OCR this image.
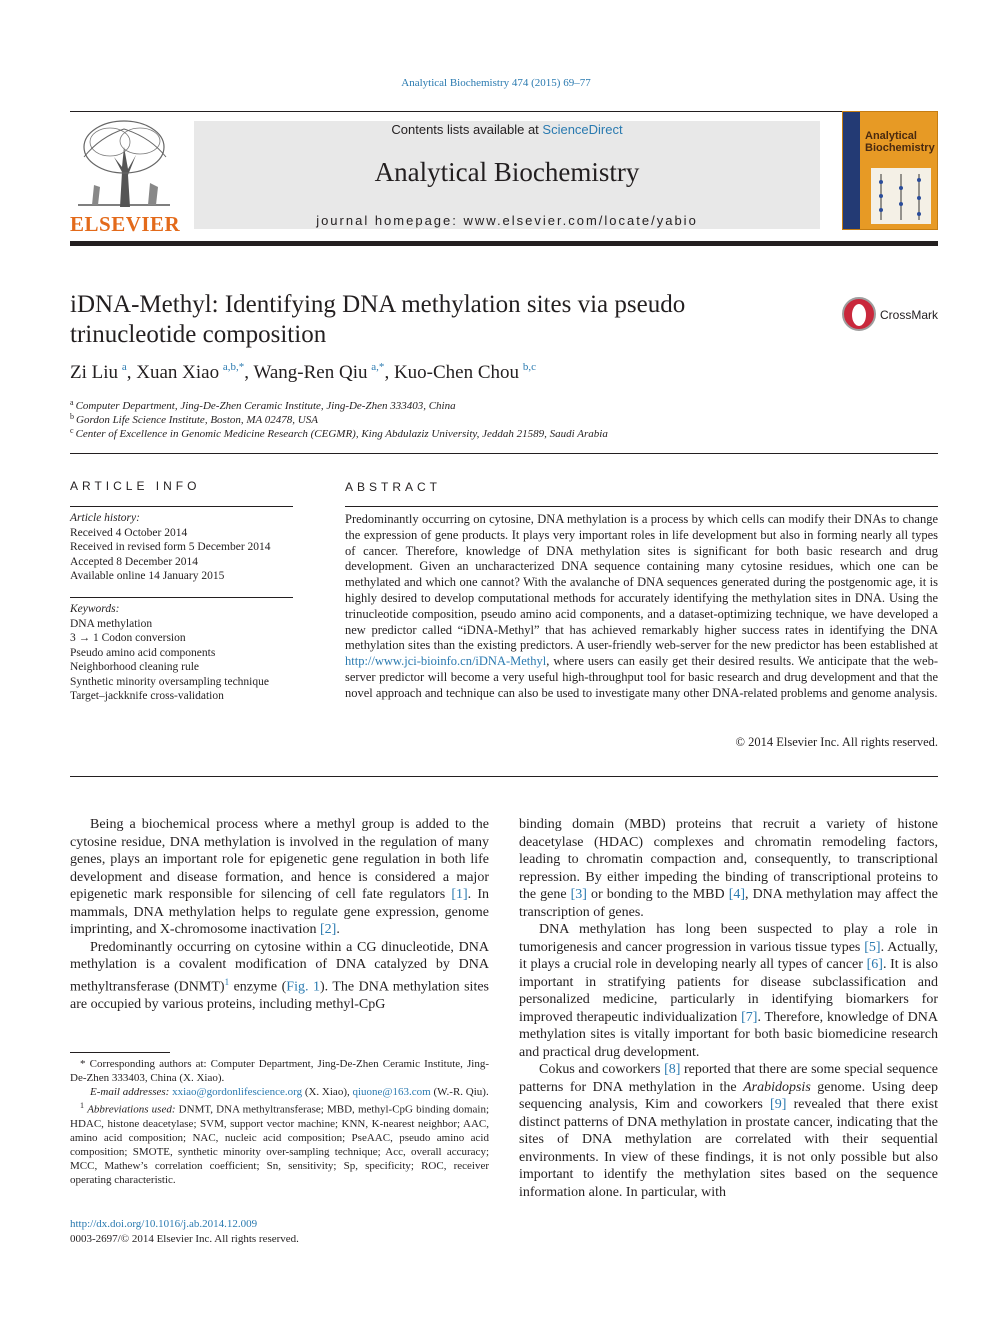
Analytical Biochemistry 474 (2015) 69–77
ELSEVIER
Contents lists available at ScienceDirect
Analytical Biochemistry
journal homepage: www.elsevier.com/locate/yabio
Analytical
Biochemistry
iDNA-Methyl: Identifying DNA methylation sites via pseudo
trinucleotide composition
CrossMark
Zi Liu  $^a$, Xuan Xiao  $^{a,b,*}$, Wang-Ren Qiu  $^{a,*}$, Kuo-Chen Chou  $^{b,c}$
$^a$ Computer Department, Jing-De-Zhen Ceramic Institute, Jing-De-Zhen 333403, China
$^b$ Gordon Life Science Institute, Boston, MA 02478, USA
$^c$ Center of Excellence in Genomic Medicine Research (CEGMR), King Abdulaziz University, Jeddah 21589, Saudi Arabia
ARTICLE INFO
Article history:
Received 4 October 2014
Received in revised form 5 December 2014
Accepted 8 December 2014
Available online 14 January 2015
Keywords:
DNA methylation
3 → 1 Codon conversion
Pseudo amino acid components
Neighborhood cleaning rule
Synthetic minority oversampling technique
Target–jackknife cross-validation
ABSTRACT
Predominantly occurring on cytosine, DNA methylation is a process by which cells can modify their DNAs to change the expression of gene products. It plays very important roles in life development but also in forming nearly all types of cancer. Therefore, knowledge of DNA methylation sites is significant for both basic research and drug development. Given an uncharacterized DNA sequence containing many cytosine residues, which one can be methylated and which one cannot? With the avalanche of DNA sequences generated during the postgenomic age, it is highly desired to develop computational methods for accurately identifying the methylation sites in DNA. Using the trinucleotide composition, pseudo amino acid components, and a dataset-optimizing technique, we have developed a new predictor called “iDNA-Methyl” that has achieved remarkably higher success rates in identifying the DNA methylation sites than the existing predictors. A user-friendly web-server for the new predictor has been established at http://www.jci-bioinfo.cn/iDNA-Methyl, where users can easily get their desired results. We anticipate that the web-server predictor will become a very useful high-throughput tool for basic research and drug development and that the novel approach and technique can also be used to investigate many other DNA-related problems and genome analysis.
© 2014 Elsevier Inc. All rights reserved.

Being a biochemical process where a methyl group is added to the cytosine residue, DNA methylation is involved in the regulation of many genes, plays an important role for epigenetic gene regulation in both life development and disease formation, and hence is considered a major epigenetic mark responsible for silencing of cell fate regulators [1]. In mammals, DNA methylation helps to regulate gene expression, genome imprinting, and X-chromosome inactivation [2].

Predominantly occurring on cytosine within a CG dinucleotide, DNA methylation is a covalent modification of DNA catalyzed by DNA methyltransferase (DNMT)$^1$ enzyme (Fig. 1). The DNA methylation sites are occupied by various proteins, including methyl-CpG

binding domain (MBD) proteins that recruit a variety of histone deacetylase (HDAC) complexes and chromatin remodeling factors, leading to chromatin compaction and, consequently, to transcriptional repression. By either impeding the binding of transcriptional proteins to the gene [3] or bonding to the MBD [4], DNA methylation may affect the transcription of genes.

DNA methylation has long been suspected to play a role in tumorigenesis and cancer progression in various tissue types [5]. Actually, it plays a crucial role in developing nearly all types of cancer [6]. It is also important in stratifying patients for disease subclassification and personalized medicine, particularly in identifying biomarkers for improved therapeutic individualization [7]. Therefore, knowledge of DNA methylation sites is vitally important for both basic biomedicine research and practical drug development.

Cokus and coworkers [8] reported that there are some special sequence patterns for DNA methylation in the Arabidopsis genome. Using deep sequencing analysis, Kim and coworkers [9] revealed that there exist distinct patterns of DNA methylation in prostate cancer, indicating that the sites of DNA methylation are correlated with their sequential environments. In view of these findings, it is not only possible but also important to identify the methylation sites based on the sequence information alone. In particular, with

* Corresponding authors at: Computer Department, Jing-De-Zhen Ceramic Institute, Jing-De-Zhen 333403, China (X. Xiao).

E-mail addresses: xxiao@gordonlifescience.org (X. Xiao), qiuone@163.com (W.-R. Qiu).

$^1$ Abbreviations used: DNMT, DNA methyltransferase; MBD, methyl-CpG binding domain; HDAC, histone deacetylase; SVM, support vector machine; KNN, K-nearest neighbor; AAC, amino acid composition; NAC, nucleic acid composition; PseAAC, pseudo amino acid composition; SMOTE, synthetic minority over-sampling technique; Acc, overall accuracy; MCC, Mathew’s correlation coefficient; Sn, sensitivity; Sp, specificity; ROC, receiver operating characteristic.

http://dx.doi.org/10.1016/j.ab.2014.12.009
0003-2697/© 2014 Elsevier Inc. All rights reserved.
